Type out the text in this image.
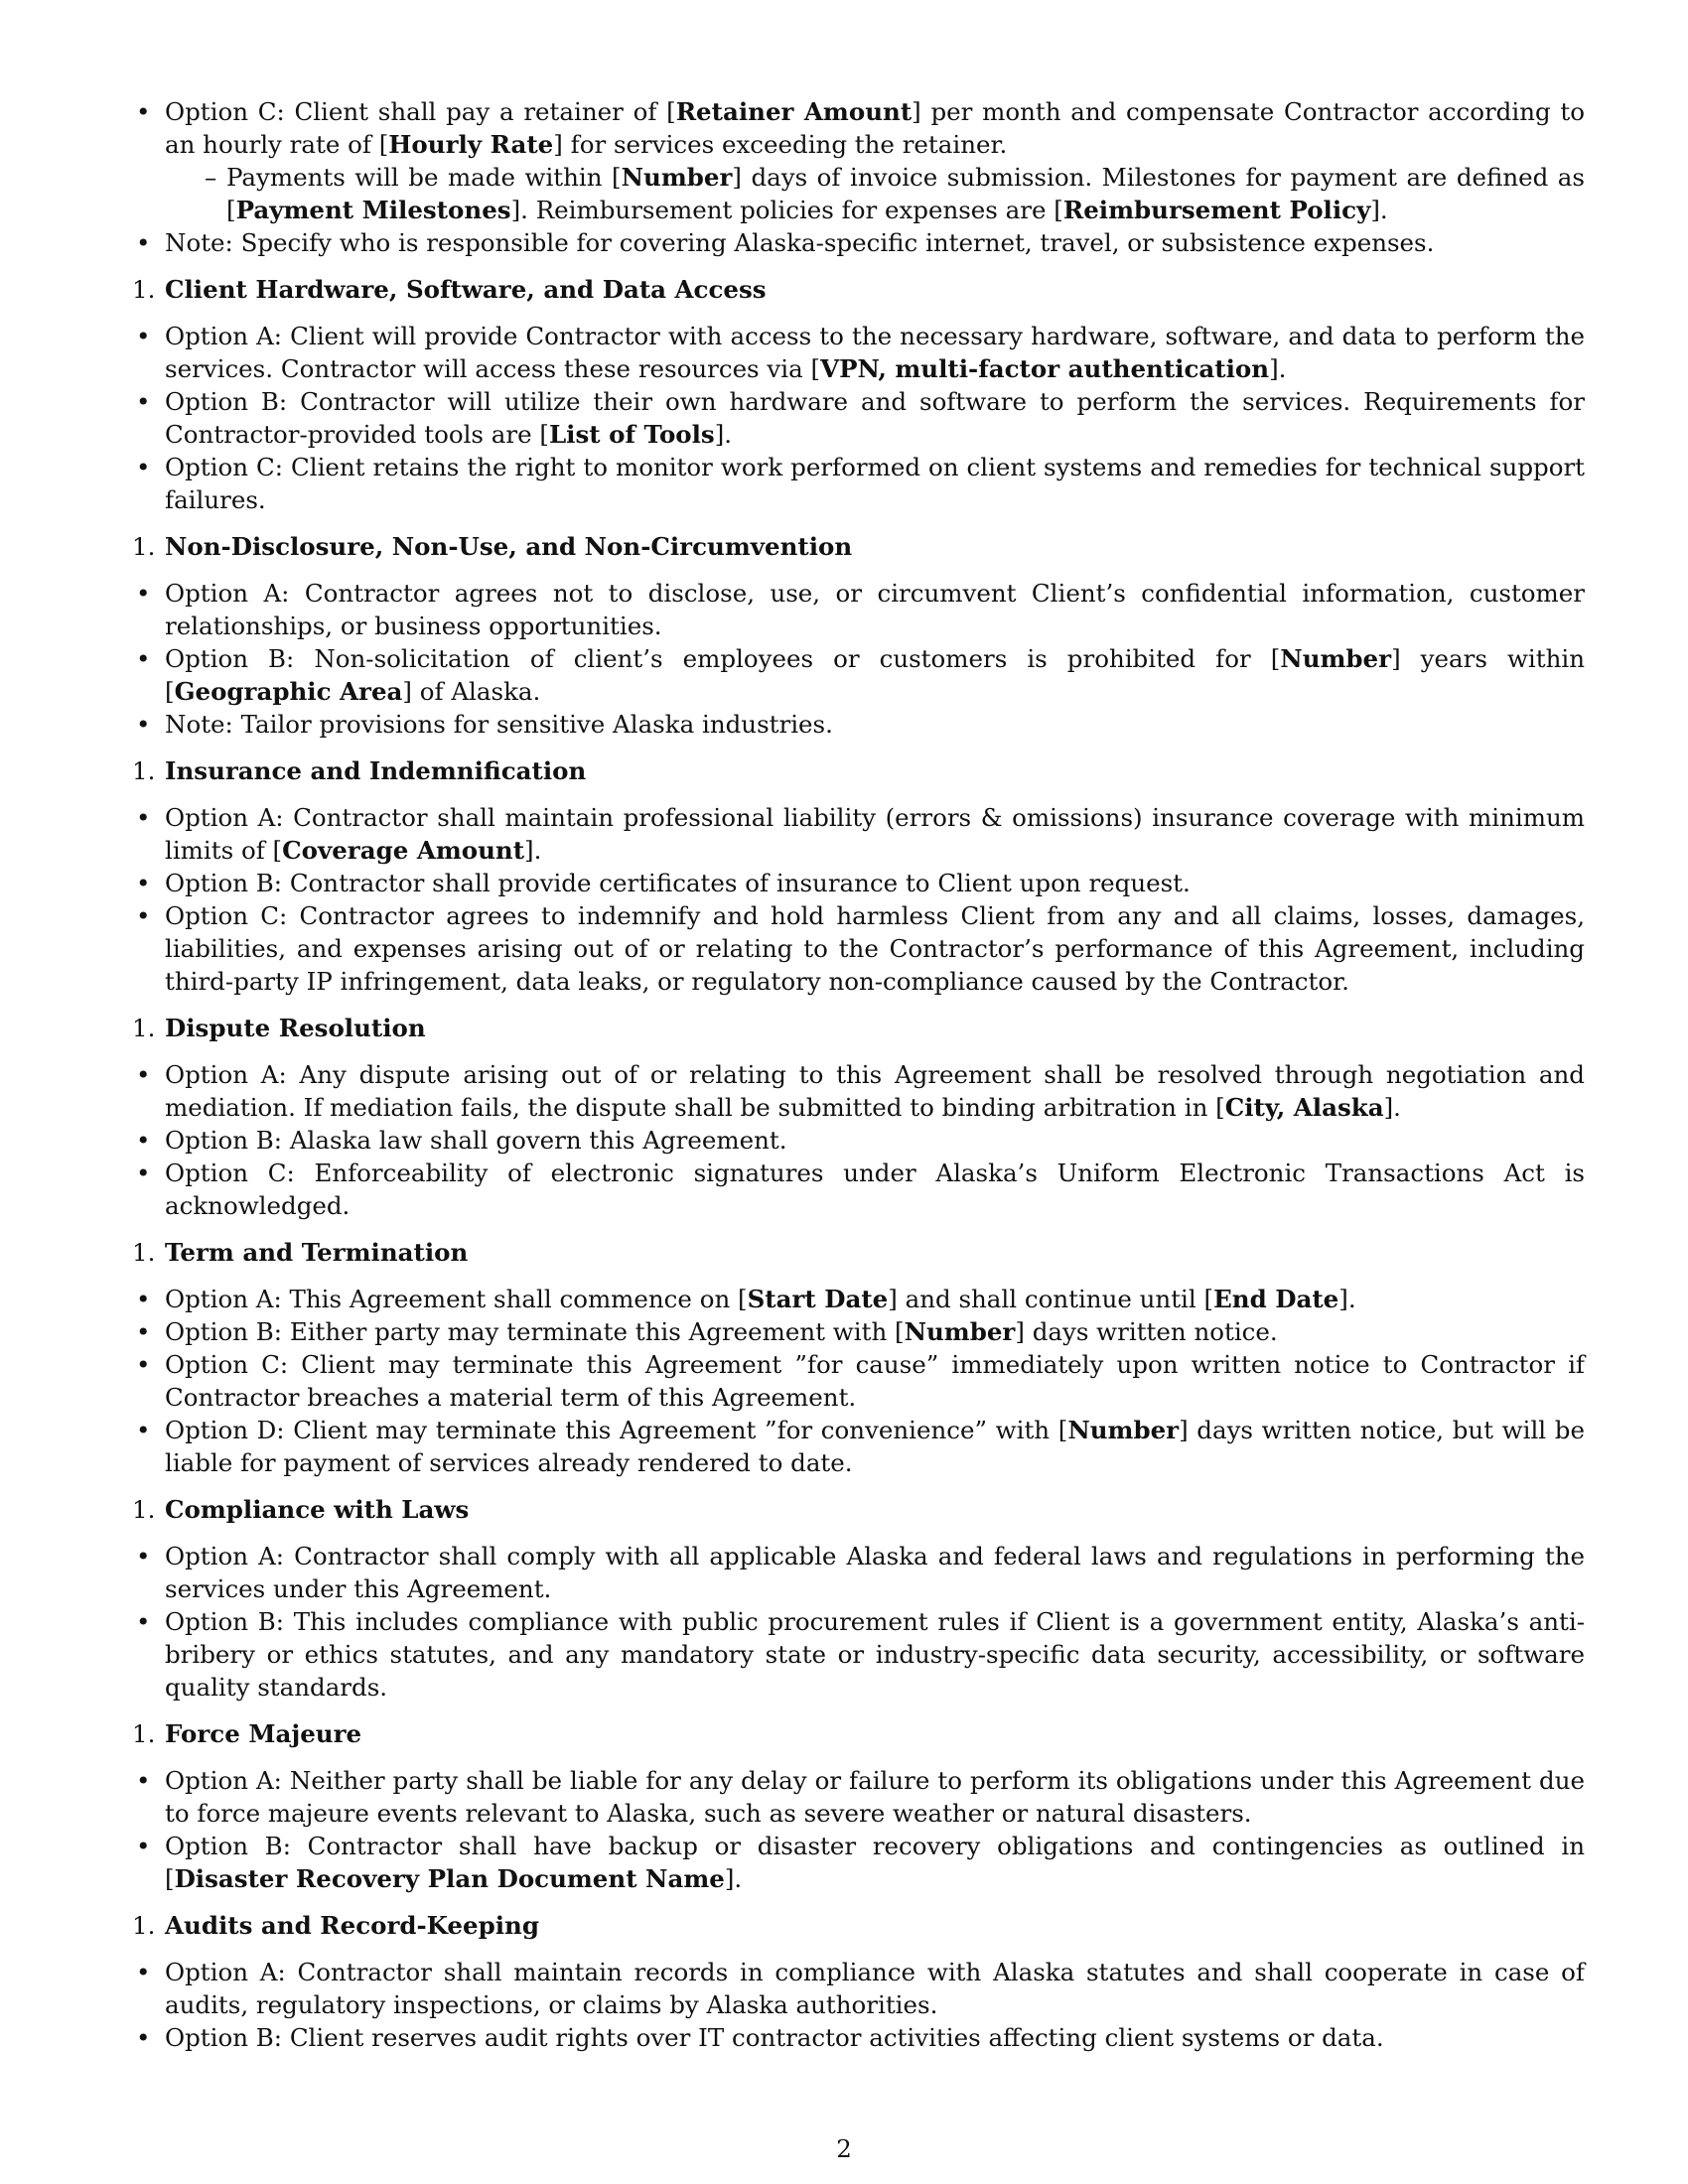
• Option C: Client shall pay a retainer of [Retainer Amount] per month and compensate Contractor according to an hourly rate of [Hourly Rate] for services exceeding the retainer.
– Payments will be made within [Number] days of invoice submission. Milestones for payment are defined as [Payment Milestones]. Reimbursement policies for expenses are [Reimbursement Policy].
• Note: Specify who is responsible for covering Alaska-specific internet, travel, or subsistence expenses.
1. Client Hardware, Software, and Data Access
• Option A: Client will provide Contractor with access to the necessary hardware, software, and data to perform the services. Contractor will access these resources via [VPN, multi-factor authentication].
• Option B: Contractor will utilize their own hardware and software to perform the services. Requirements for Contractor-provided tools are [List of Tools].
• Option C: Client retains the right to monitor work performed on client systems and remedies for technical support failures.
1. Non-Disclosure, Non-Use, and Non-Circumvention
• Option A: Contractor agrees not to disclose, use, or circumvent Client’s confidential information, customer relationships, or business opportunities.
• Option B: Non-solicitation of client’s employees or customers is prohibited for [Number] years within [Geographic Area] of Alaska.
• Note: Tailor provisions for sensitive Alaska industries.
1. Insurance and Indemnification
• Option A: Contractor shall maintain professional liability (errors & omissions) insurance coverage with minimum limits of [Coverage Amount].
• Option B: Contractor shall provide certificates of insurance to Client upon request.
• Option C: Contractor agrees to indemnify and hold harmless Client from any and all claims, losses, damages, liabilities, and expenses arising out of or relating to the Contractor’s performance of this Agreement, including third-party IP infringement, data leaks, or regulatory non-compliance caused by the Contractor.
1. Dispute Resolution
• Option A: Any dispute arising out of or relating to this Agreement shall be resolved through negotiation and mediation. If mediation fails, the dispute shall be submitted to binding arbitration in [City, Alaska].
• Option B: Alaska law shall govern this Agreement.
• Option C: Enforceability of electronic signatures under Alaska’s Uniform Electronic Transactions Act is acknowledged.
1. Term and Termination
• Option A: This Agreement shall commence on [Start Date] and shall continue until [End Date].
• Option B: Either party may terminate this Agreement with [Number] days written notice.
• Option C: Client may terminate this Agreement ”for cause” immediately upon written notice to Contractor if Contractor breaches a material term of this Agreement.
• Option D: Client may terminate this Agreement ”for convenience” with [Number] days written notice, but will be liable for payment of services already rendered to date.
1. Compliance with Laws
• Option A: Contractor shall comply with all applicable Alaska and federal laws and regulations in performing the services under this Agreement.
• Option B: This includes compliance with public procurement rules if Client is a government entity, Alaska’s anti-bribery or ethics statutes, and any mandatory state or industry-specific data security, accessibility, or software quality standards.
1. Force Majeure
• Option A: Neither party shall be liable for any delay or failure to perform its obligations under this Agreement due to force majeure events relevant to Alaska, such as severe weather or natural disasters.
• Option B: Contractor shall have backup or disaster recovery obligations and contingencies as outlined in [Disaster Recovery Plan Document Name].
1. Audits and Record-Keeping
• Option A: Contractor shall maintain records in compliance with Alaska statutes and shall cooperate in case of audits, regulatory inspections, or claims by Alaska authorities.
• Option B: Client reserves audit rights over IT contractor activities affecting client systems or data.
2
